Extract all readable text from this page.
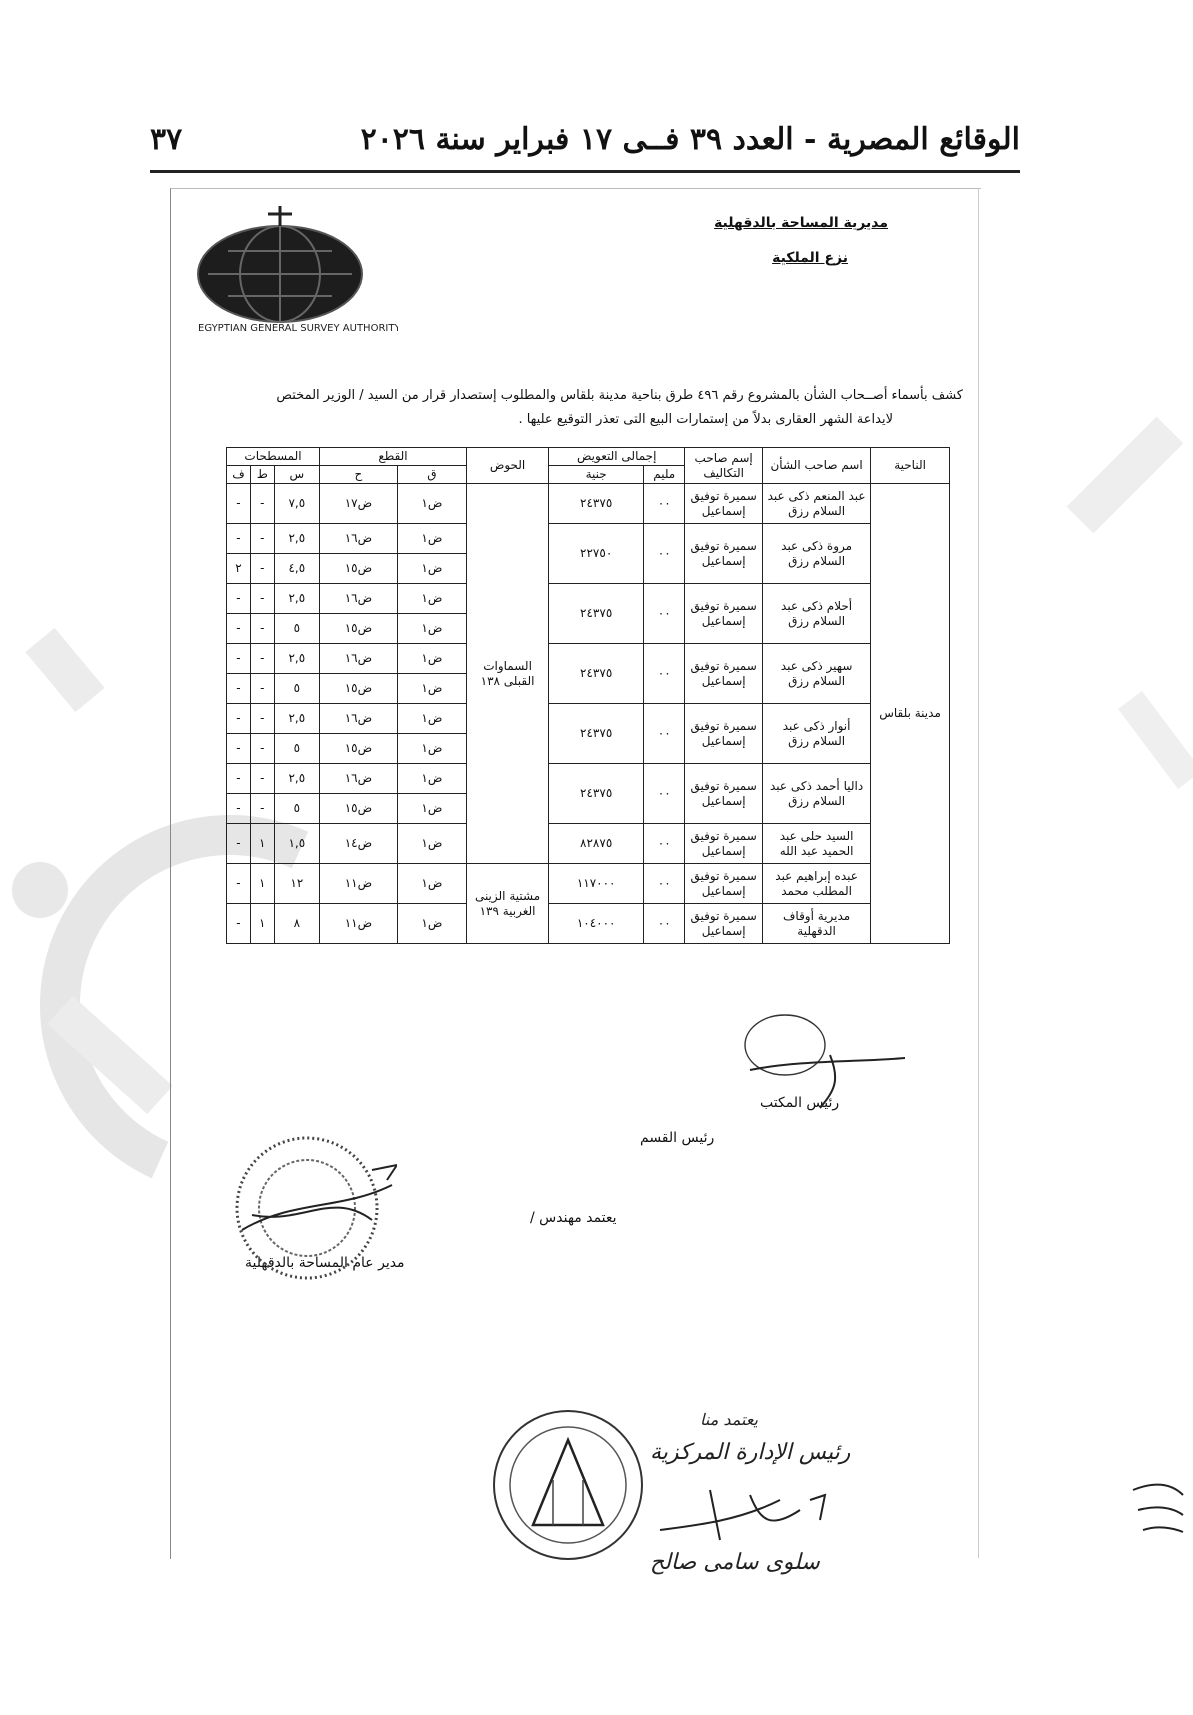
الوقائع المصرية - العدد ٣٩ فــى ١٧ فبراير سنة ٢٠٢٦
٣٧
EGYPTIAN GENERAL SURVEY AUTHORITY
مديرية المساحة بالدقهلية
نزع الملكية
كشف بأسماء أصــحاب الشأن بالمشروع رقم ٤٩٦ طرق بناحية مدينة بلقاس والمطلوب إستصدار قرار من السيد / الوزير المختص
لايداعة الشهر العقارى بدلاً من إستمارات البيع التى تعذر التوقيع عليها .
الناحية	اسم صاحب الشأن	إسم صاحب التكاليف	إجمالى التعويض		الحوض	القطع		المسطحات		
			مليم	جنية		ق	ح	س	ط	ف
مدينة بلقاس	عبد المنعم ذكى عبد السلام رزق	سميرة توفيق إسماعيل	٠٠	٢٤٣٧٥	السماوات القبلى ١٣٨	ض١	ض١٧	٧,٥	-	-
	مروة ذكى عبد السلام رزق	سميرة توفيق إسماعيل	٠٠	٢٢٧٥٠		ض١	ض١٦	٢,٥	-	-
						ض١	ض١٥	٤,٥	-	٢
	أحلام ذكى عبد السلام رزق	سميرة توفيق إسماعيل	٠٠	٢٤٣٧٥		ض١	ض١٦	٢,٥	-	-
						ض١	ض١٥	٥	-	-
	سهير ذكى عبد السلام رزق	سميرة توفيق إسماعيل	٠٠	٢٤٣٧٥		ض١	ض١٦	٢,٥	-	-
						ض١	ض١٥	٥	-	-
	أنوار ذكى عبد السلام رزق	سميرة توفيق إسماعيل	٠٠	٢٤٣٧٥		ض١	ض١٦	٢,٥	-	-
						ض١	ض١٥	٥	-	-
	داليا أحمد ذكى عبد السلام رزق	سميرة توفيق إسماعيل	٠٠	٢٤٣٧٥		ض١	ض١٦	٢,٥	-	-
						ض١	ض١٥	٥	-	-
	السيد حلى عبد الحميد عبد الله	سميرة توفيق إسماعيل	٠٠	٨٢٨٧٥		ض١	ض١٤	١,٥	١	-
	عبده إبراهيم عبد المطلب محمد	سميرة توفيق إسماعيل	٠٠	١١٧٠٠٠	مشتية الزينى الغربية ١٣٩	ض١	ض١١	١٢	١	-
	مديرية أوقاف الدقهلية	سميرة توفيق إسماعيل	٠٠	١٠٤٠٠٠		ض١	ض١١	٨	١	-
رئيس المكتب
رئيس القسم
يعتمد مهندس /
مدير عام المساحة بالدقهلية
يعتمد منا
رئيس الإدارة المركزية
سلوى سامى صالح
